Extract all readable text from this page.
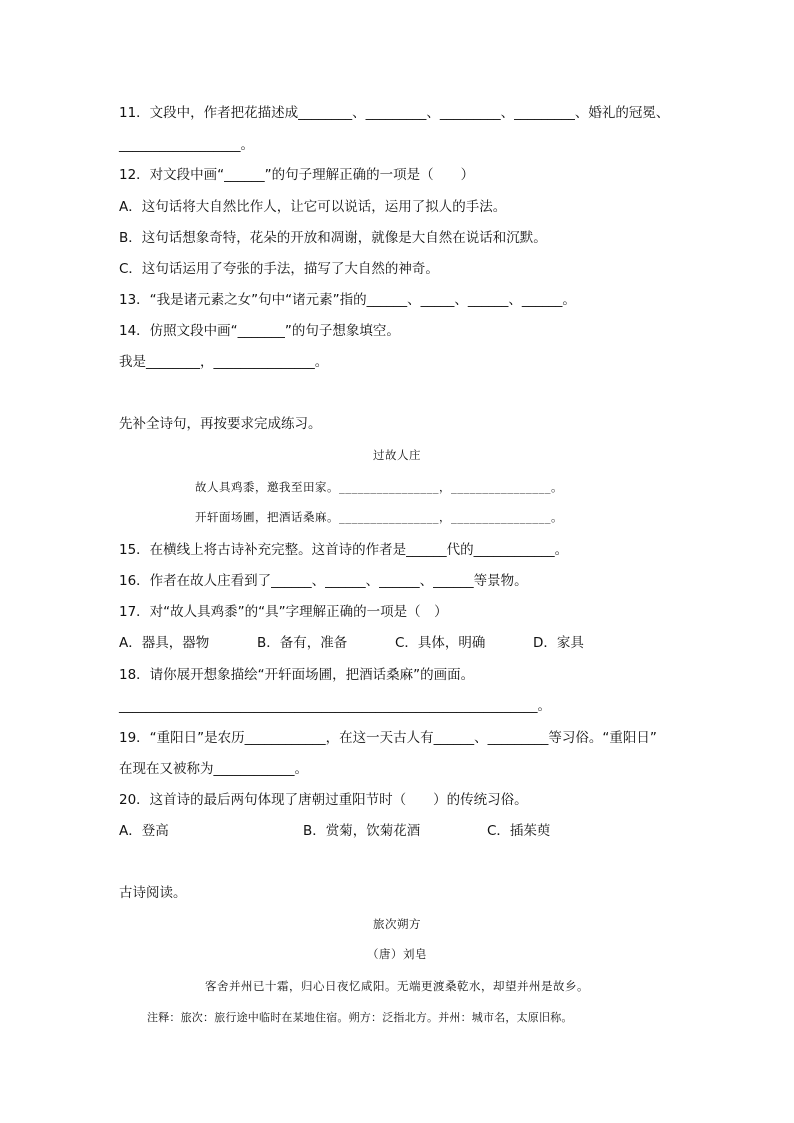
11．文段中，作者把花描述成________、_________、_________、_________、婚礼的冠冕、
__________________。
12．对文段中画“______”的句子理解正确的一项是（　　）
A．这句话将大自然比作人，让它可以说话，运用了拟人的手法。
B．这句话想象奇特，花朵的开放和凋谢，就像是大自然在说话和沉默。
C．这句话运用了夸张的手法，描写了大自然的神奇。
13．“我是诸元素之女”句中“诸元素”指的______、_____、______、______。
14．仿照文段中画“_______”的句子想象填空。
我是________，_______________。
先补全诗句，再按要求完成练习。
过故人庄
故人具鸡黍，邀我至田家。________________，________________。
开轩面场圃，把酒话桑麻。________________，________________。
15．在横线上将古诗补充完整。这首诗的作者是______代的____________。
16．作者在故人庄看到了______、______、______、______等景物。
17．对“故人具鸡黍”的“具”字理解正确的一项是（　）
A．器具，器物	B．备有，准备	C．具体，明确	D．家具
18．请你展开想象描绘“开轩面场圃，把酒话桑麻”的画面。
______________________________________________________________。
19．“重阳日”是农历____________，在这一天古人有______、_________等习俗。“重阳日”
在现在又被称为____________。
20．这首诗的最后两句体现了唐朝过重阳节时（　　）的传统习俗。
A．登高	B．赏菊，饮菊花酒	C．插茱萸
古诗阅读。
旅次朔方
（唐）刘皂
客舍并州已十霜，归心日夜忆咸阳。无端更渡桑乾水，却望并州是故乡。
注释：旅次：旅行途中临时在某地住宿。朔方：泛指北方。并州：城市名，太原旧称。
